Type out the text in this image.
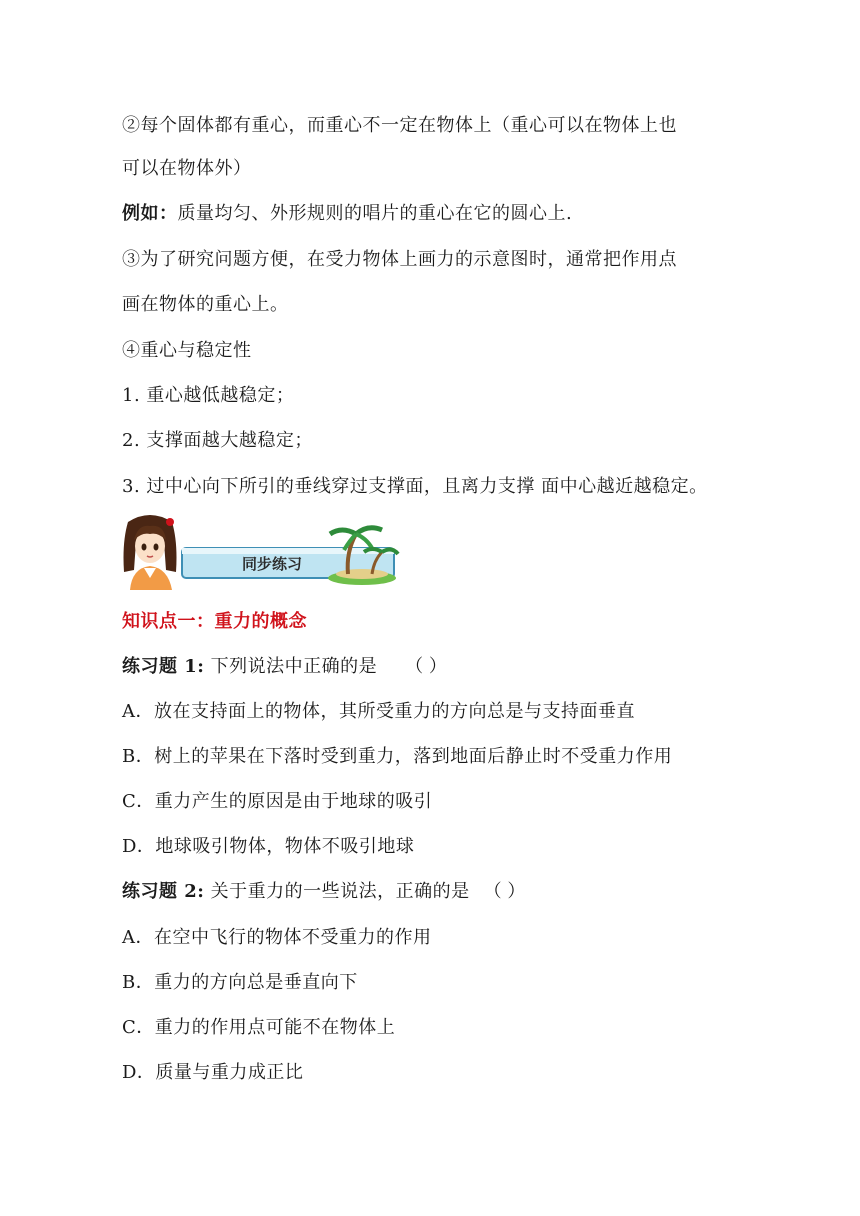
②每个固体都有重心，而重心不一定在物体上（重心可以在物体上也
可以在物体外）
例如：质量均匀、外形规则的唱片的重心在它的圆心上.
③为了研究问题方便，在受力物体上画力的示意图时，通常把作用点
画在物体的重心上。
④重心与稳定性
1. 重心越低越稳定；
2. 支撑面越大越稳定；
3. 过中心向下所引的垂线穿过支撑面，且离力支撑 面中心越近越稳定。
同步练习
知识点一：重力的概念
练习题 1: 下列说法中正确的是 （ ）
A．放在支持面上的物体，其所受重力的方向总是与支持面垂直
B．树上的苹果在下落时受到重力，落到地面后静止时不受重力作用
C．重力产生的原因是由于地球的吸引
D．地球吸引物体，物体不吸引地球
练习题 2: 关于重力的一些说法，正确的是 （ ）
A．在空中飞行的物体不受重力的作用
B．重力的方向总是垂直向下
C．重力的作用点可能不在物体上
D．质量与重力成正比
